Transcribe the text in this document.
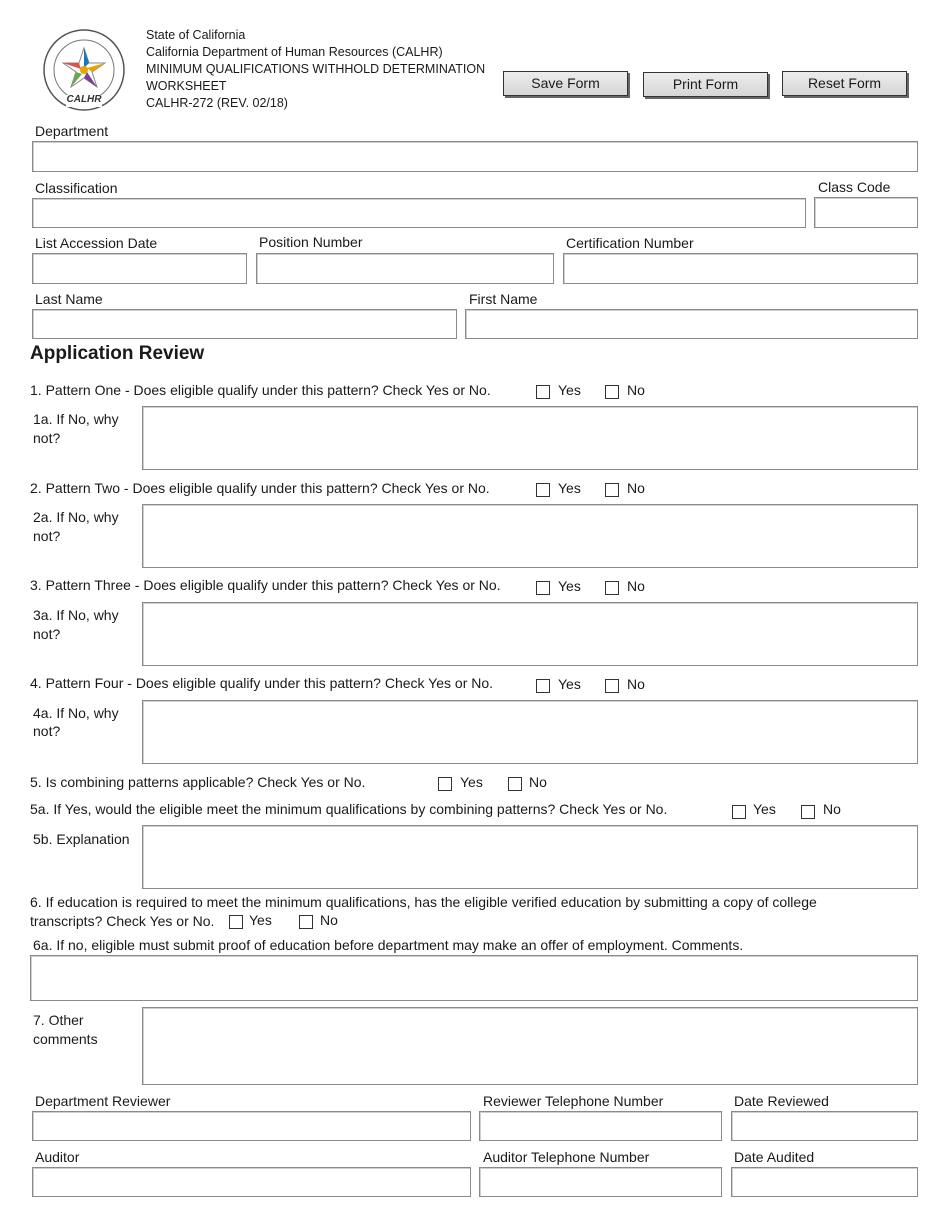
CALHR
State of California
California Department of Human Resources (CALHR)
MINIMUM QUALIFICATIONS WITHHOLD DETERMINATION
WORKSHEET
CALHR-272 (REV. 02/18)
Save Form	Print Form	Reset Form
Department
Classification	Class Code
List Accession Date	Position Number	Certification Number
Last Name	First Name
Application Review
1. Pattern One - Does eligible qualify under this pattern? Check Yes or No.	Yes	No
1a. If No, why
not?
2. Pattern Two - Does eligible qualify under this pattern? Check Yes or No.	Yes	No
2a. If No, why
not?
3. Pattern Three - Does eligible qualify under this pattern? Check Yes or No.	Yes	No
3a. If No, why
not?
4. Pattern Four - Does eligible qualify under this pattern? Check Yes or No.	Yes	No
4a. If No, why
not?
5. Is combining patterns applicable? Check Yes or No.	Yes	No
5a. If Yes, would the eligible meet the minimum qualifications by combining patterns? Check Yes or No.	Yes	No
5b. Explanation
6. If education is required to meet the minimum qualifications, has the eligible verified education by submitting a copy of college
transcripts? Check Yes or No. Yes	No
6a. If no, eligible must submit proof of education before department may make an offer of employment. Comments.
7. Other
comments
Department Reviewer	Reviewer Telephone Number	Date Reviewed
Auditor	Auditor Telephone Number	Date Audited
